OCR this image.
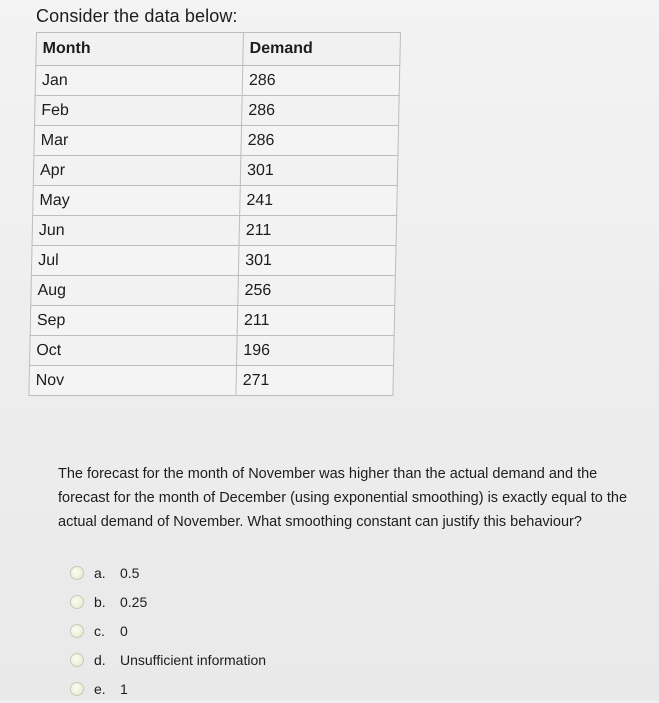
Consider the data below:
Month	Demand
Jan	286
Feb	286
Mar	286
Apr	301
May	241
Jun	211
Jul	301
Aug	256
Sep	211
Oct	196
Nov	271
The forecast for the month of November was higher than the actual demand and the forecast for the month of December (using exponential smoothing) is exactly equal to the actual demand of November. What smoothing constant can justify this behaviour?
a.	0.5
b.	0.25
c.	0
d.	Unsufficient information
e.	1
